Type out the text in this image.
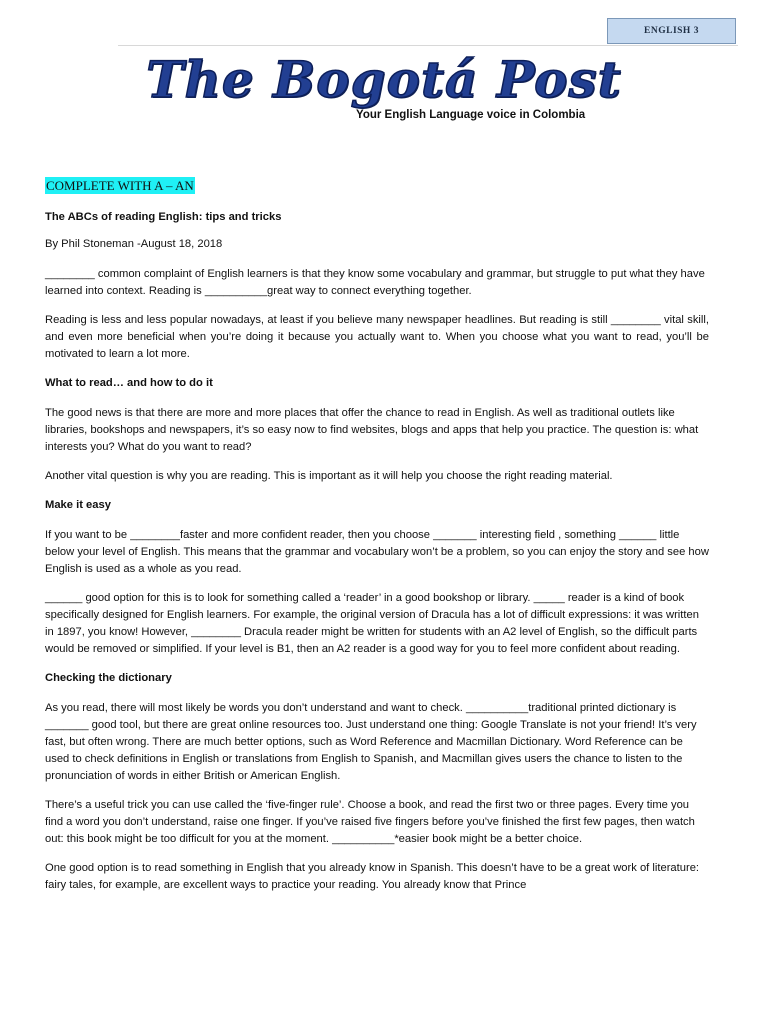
ENGLISH 3
The Bogotá Post
Your English Language voice in Colombia
COMPLETE WITH A – AN
The ABCs of reading English: tips and tricks
By Phil Stoneman -August 18, 2018

________ common complaint of English learners is that they know some vocabulary and grammar, but struggle to put what they have learned into context. Reading is __________great way to connect everything together.

Reading is less and less popular nowadays, at least if you believe many newspaper headlines. But reading is still ________ vital skill, and even more beneficial when you’re doing it because you actually want to. When you choose what you want to read, you’ll be motivated to learn a lot more.

What to read… and how to do it

The good news is that there are more and more places that offer the chance to read in English. As well as traditional outlets like libraries, bookshops and newspapers, it’s so easy now to find websites, blogs and apps that help you practice. The question is: what interests you? What do you want to read?

Another vital question is why you are reading. This is important as it will help you choose the right reading material.

Make it easy

If you want to be ________faster and more confident reader, then you choose _______ interesting field , something ______ little below your level of English. This means that the grammar and vocabulary won’t be a problem, so you can enjoy the story and see how English is used as a whole as you read.

______ good option for this is to look for something called a ‘reader’ in a good bookshop or library. _____ reader is a kind of book specifically designed for English learners. For example, the original version of Dracula has a lot of difficult expressions: it was written in 1897, you know! However, ________ Dracula reader might be written for students with an A2 level of English, so the difficult parts would be removed or simplified. If your level is B1, then an A2 reader is a good way for you to feel more confident about reading.

Checking the dictionary

As you read, there will most likely be words you don’t understand and want to check. __________traditional printed dictionary is _______ good tool, but there are great online resources too. Just understand one thing: Google Translate is not your friend! It’s very fast, but often wrong. There are much better options, such as Word Reference and Macmillan Dictionary. Word Reference can be used to check definitions in English or translations from English to Spanish, and Macmillan gives users the chance to listen to the pronunciation of words in either British or American English.

There’s a useful trick you can use called the ‘five-finger rule’. Choose a book, and read the first two or three pages. Every time you find a word you don’t understand, raise one finger. If you’ve raised five fingers before you’ve finished the first few pages, then watch out: this book might be too difficult for you at the moment. __________*easier book might be a better choice.

One good option is to read something in English that you already know in Spanish. This doesn’t have to be a great work of literature: fairy tales, for example, are excellent ways to practice your reading. You already know that Prince
